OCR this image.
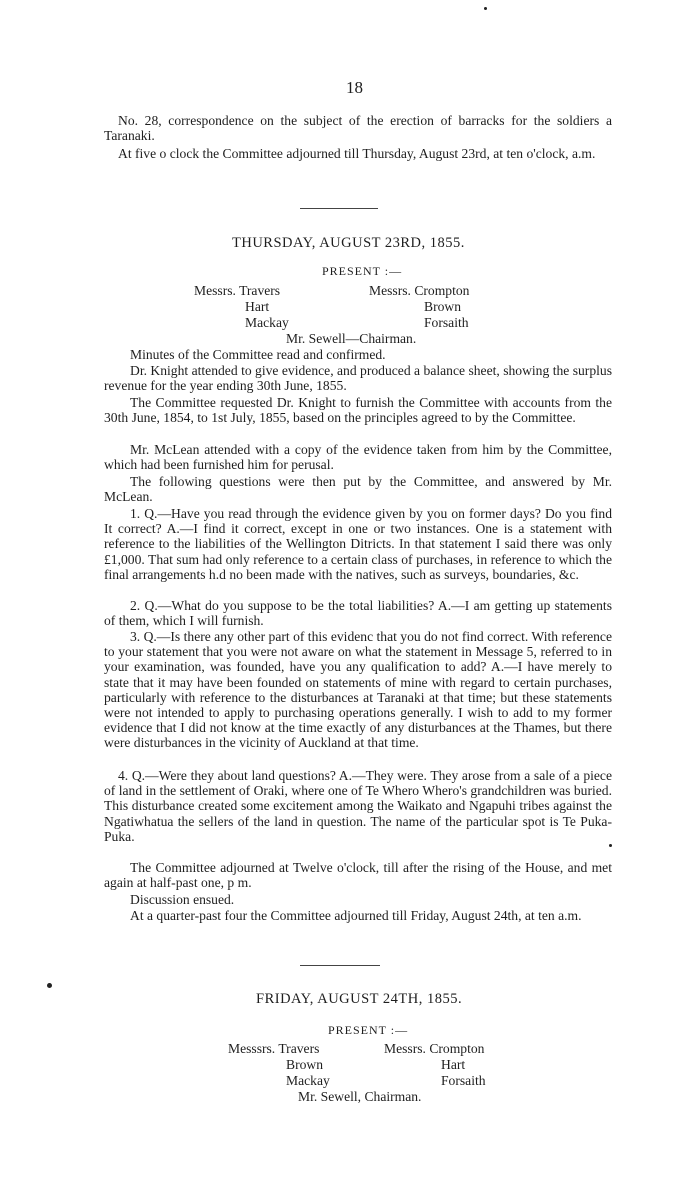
18

No. 28, correspondence on the subject of the erection of barracks for the soldiers a Taranaki.

At five o clock the Committee adjourned till Thursday, August 23rd, at ten o'clock, a.m.

THURSDAY, AUGUST 23RD, 1855.
PRESENT :—
Messrs. Travers
Hart
Mackay
Messrs. Crompton
Brown
Forsaith
Mr. Sewell—Chairman.

Minutes of the Committee read and confirmed.

Dr. Knight attended to give evidence, and produced a balance sheet, showing the surplus revenue for the year ending 30th June, 1855.

The Committee requested Dr. Knight to furnish the Committee with accounts from the 30th June, 1854, to 1st July, 1855, based on the principles agreed to by the Committee.

Mr. McLean attended with a copy of the evidence taken from him by the Committee, which had been furnished him for perusal.

The following questions were then put by the Committee, and answered by Mr. McLean.

1. Q.—Have you read through the evidence given by you on former days? Do you find It correct? A.—I find it correct, except in one or two instances. One is a statement with reference to the liabilities of the Wellington Ditricts. In that statement I said there was only £1,000. That sum had only reference to a certain class of purchases, in reference to which the final arrangements h.d no been made with the natives, such as surveys, boundaries, &c.

2. Q.—What do you suppose to be the total liabilities? A.—I am getting up statements of them, which I will furnish.

3. Q.—Is there any other part of this evidenc that you do not find correct. With reference to your statement that you were not aware on what the statement in Message 5, referred to in your examination, was founded, have you any qualification to add? A.—I have merely to state that it may have been founded on statements of mine with regard to certain purchases, particularly with reference to the disturbances at Taranaki at that time; but these statements were not intended to apply to purchasing operations generally. I wish to add to my former evidence that I did not know at the time exactly of any disturbances at the Thames, but there were disturbances in the vicinity of Auckland at that time.

4. Q.—Were they about land questions? A.—They were. They arose from a sale of a piece of land in the settlement of Oraki, where one of Te Whero Whero's grandchildren was buried. This disturbance created some excitement among the Waikato and Ngapuhi tribes against the Ngatiwhatua the sellers of the land in question. The name of the particular spot is Te Puka-Puka.

The Committee adjourned at Twelve o'clock, till after the rising of the House, and met again at half-past one, p m.

Discussion ensued.

At a quarter-past four the Committee adjourned till Friday, August 24th, at ten a.m.

FRIDAY, AUGUST 24TH, 1855.
PRESENT :—
Messsrs. Travers
Brown
Mackay
Messrs. Crompton
Hart
Forsaith
Mr. Sewell, Chairman.
